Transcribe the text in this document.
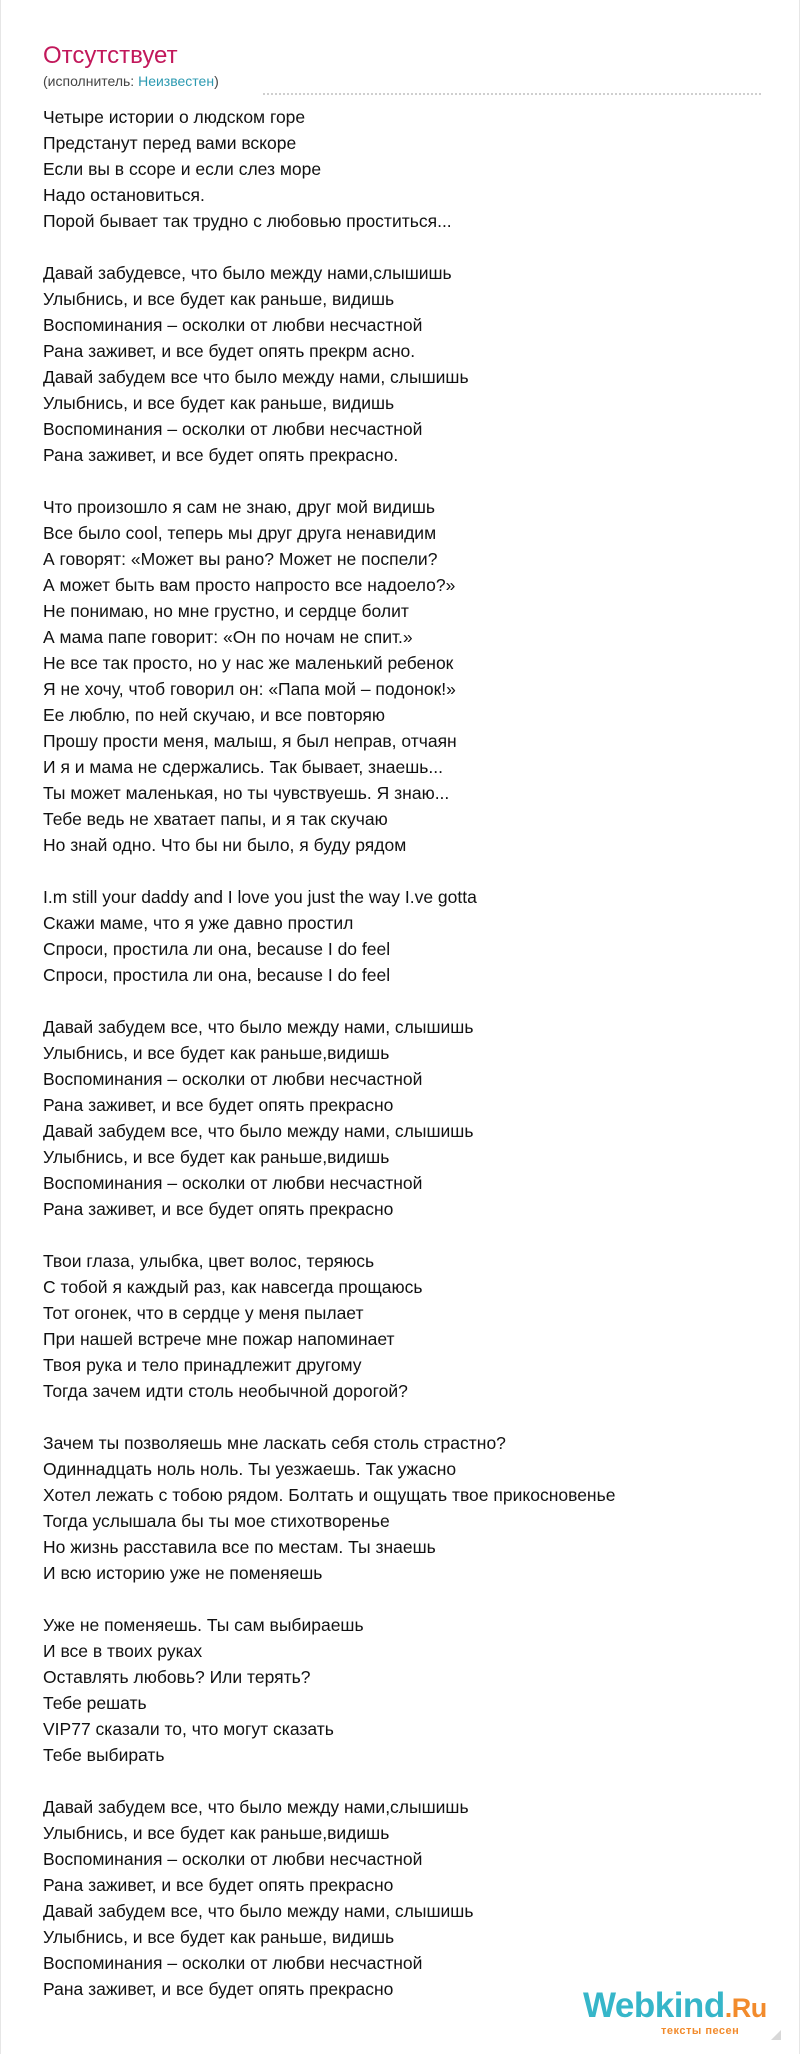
Отсутствует
(исполнитель: Неизвестен)
Четыре истории о людском горе
Предстанут перед вами вскоре
Если вы в ссоре и если слез море
Надо остановиться.
Порой бывает так трудно с любовью проститься...
Давай забудевсе, что было между нами,слышишь
Улыбнись, и все будет как раньше, видишь
Воспоминания – осколки от любви несчастной
Рана заживет, и все будет опять прекрм асно.
Давай забудем все что было между нами, слышишь
Улыбнись, и все будет как раньше, видишь
Воспоминания – осколки от любви несчастной
Рана заживет, и все будет опять прекрасно.
Что произошло я сам не знаю, друг мой видишь
Все было cool, теперь мы друг друга ненавидим
А говорят: «Может вы рано? Может не поспели?
А может быть вам просто напросто все надоело?»
Не понимаю, но мне грустно, и сердце болит
А мама папе говорит: «Он по ночам не спит.»
Не все так просто, но у нас же маленький ребенок
Я не хочу, чтоб говорил он: «Папа мой – подонок!»
Ее люблю, по ней скучаю, и все повторяю
Прошу прости меня, малыш, я был неправ, отчаян
И я и мама не сдержались. Так бывает, знаешь...
Ты может маленькая, но ты чувствуешь. Я знаю...
Тебе ведь не хватает папы, и я так скучаю
Но знай одно. Что бы ни было, я буду рядом
I.m still your daddy and I love you just the way I.ve gotta
Скажи маме, что я уже давно простил
Спроси, простила ли она, because I do feel
Спроси, простила ли она, because I do feel
Давай забудем все, что было между нами, слышишь
Улыбнись, и все будет как раньше,видишь
Воспоминания – осколки от любви несчастной
Рана заживет, и все будет опять прекрасно
Давай забудем все, что было между нами, слышишь
Улыбнись, и все будет как раньше,видишь
Воспоминания – осколки от любви несчастной
Рана заживет, и все будет опять прекрасно
Твои глаза, улыбка, цвет волос, теряюсь
С тобой я каждый раз, как навсегда прощаюсь
Тот огонек, что в сердце у меня пылает
При нашей встрече мне пожар напоминает
Твоя рука и тело принадлежит другому
Тогда зачем идти столь необычной дорогой?
Зачем ты позволяешь мне ласкать себя столь страстно?
Одиннадцать ноль ноль. Ты уезжаешь. Так ужасно
Хотел лежать с тобою рядом. Болтать и ощущать твое прикосновенье
Тогда услышала бы ты мое стихотворенье
Но жизнь расставила все по местам. Ты знаешь
И всю историю уже не поменяешь
Уже не поменяешь. Ты сам выбираешь
И все в твоих руках
Оставлять любовь? Или терять?
Тебе решать
VIP77 сказали то, что могут сказать
Тебе выбирать
Давай забудем все, что было между нами,слышишь
Улыбнись, и все будет как раньше,видишь
Воспоминания – осколки от любви несчастной
Рана заживет, и все будет опять прекрасно
Давай забудем все, что было между нами, слышишь
Улыбнись, и все будет как раньше, видишь
Воспоминания – осколки от любви несчастной
Рана заживет, и все будет опять прекрасно	Webkind.Ru
тексты песен
